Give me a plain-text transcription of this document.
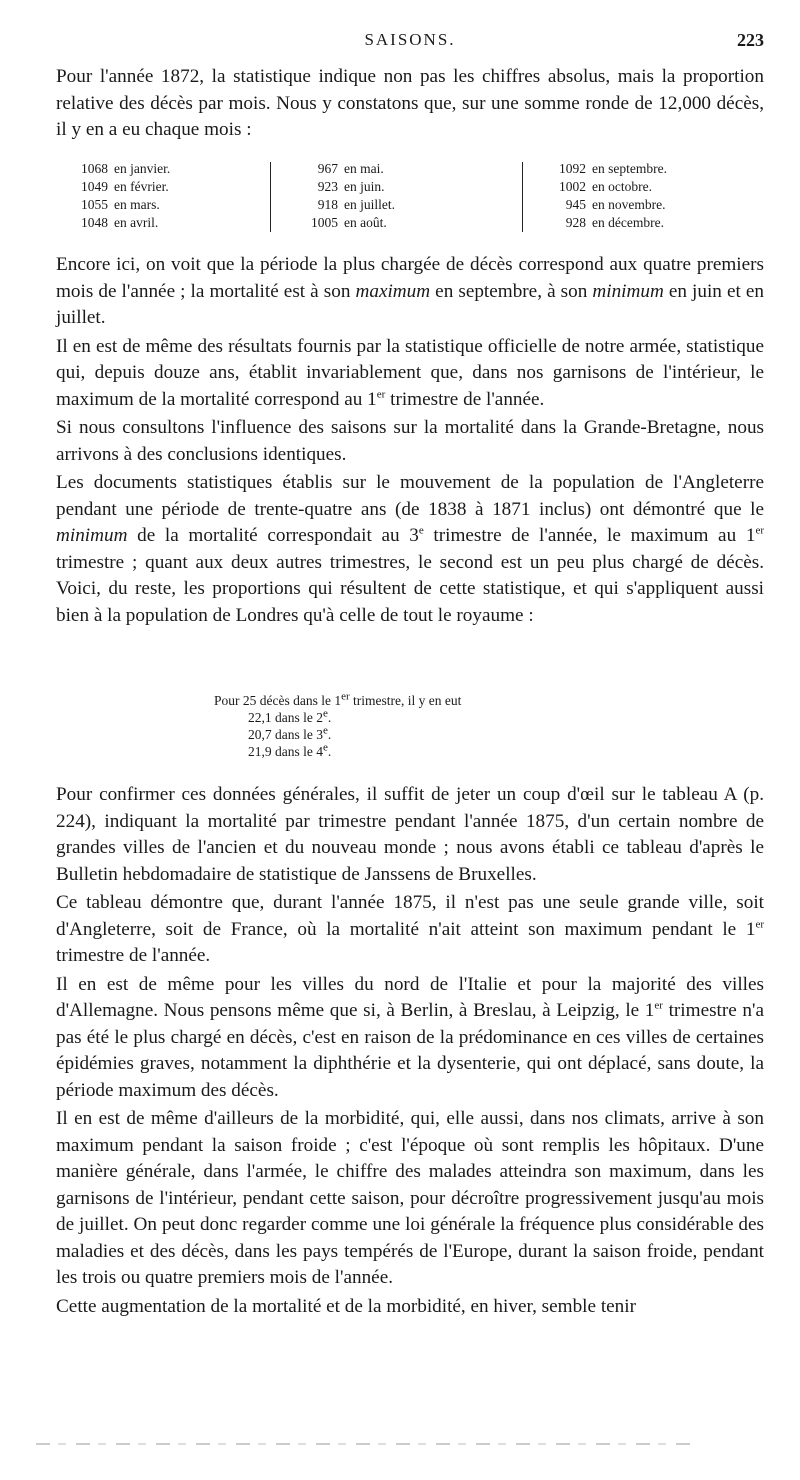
SAISONS.	223

Pour l'année 1872, la statistique indique non pas les chiffres absolus, mais la proportion relative des décès par mois. Nous y constatons que, sur une somme ronde de 12,000 décès, il y en a eu chaque mois :

1068 en janvier.
1049 en février.
1055 en mars.
1048 en avril.
967 en mai.
923 en juin.
918 en juillet.
1005 en août.
1092 en septembre.
1002 en octobre.
945 en novembre.
928 en décembre.

Encore ici, on voit que la période la plus chargée de décès correspond aux quatre premiers mois de l'année ; la mortalité est à son maximum en septembre, à son minimum en juin et en juillet.

Il en est de même des résultats fournis par la statistique officielle de notre armée, statistique qui, depuis douze ans, établit invariablement que, dans nos garnisons de l'intérieur, le maximum de la mortalité correspond au 1er trimestre de l'année.

Si nous consultons l'influence des saisons sur la mortalité dans la Grande-Bretagne, nous arrivons à des conclusions identiques.

Les documents statistiques établis sur le mouvement de la population de l'Angleterre pendant une période de trente-quatre ans (de 1838 à 1871 inclus) ont démontré que le minimum de la mortalité correspondait au 3e trimestre de l'année, le maximum au 1er trimestre ; quant aux deux autres trimestres, le second est un peu plus chargé de décès. Voici, du reste, les proportions qui résultent de cette statistique, et qui s'appliquent aussi bien à la population de Londres qu'à celle de tout le royaume :

Pour 25 décès dans le 1er trimestre, il y en eut
22,1 dans le 2e.
20,7 dans le 3e.
21,9 dans le 4e.

Pour confirmer ces données générales, il suffit de jeter un coup d'œil sur le tableau A (p. 224), indiquant la mortalité par trimestre pendant l'année 1875, d'un certain nombre de grandes villes de l'ancien et du nouveau monde ; nous avons établi ce tableau d'après le Bulletin hebdomadaire de statistique de Janssens de Bruxelles.

Ce tableau démontre que, durant l'année 1875, il n'est pas une seule grande ville, soit d'Angleterre, soit de France, où la mortalité n'ait atteint son maximum pendant le 1er trimestre de l'année.

Il en est de même pour les villes du nord de l'Italie et pour la majorité des villes d'Allemagne. Nous pensons même que si, à Berlin, à Breslau, à Leipzig, le 1er trimestre n'a pas été le plus chargé en décès, c'est en raison de la prédominance en ces villes de certaines épidémies graves, notamment la diphthérie et la dysenterie, qui ont déplacé, sans doute, la période maximum des décès.

Il en est de même d'ailleurs de la morbidité, qui, elle aussi, dans nos climats, arrive à son maximum pendant la saison froide ; c'est l'époque où sont remplis les hôpitaux. D'une manière générale, dans l'armée, le chiffre des malades atteindra son maximum, dans les garnisons de l'intérieur, pendant cette saison, pour décroître progressivement jusqu'au mois de juillet. On peut donc regarder comme une loi générale la fréquence plus considérable des maladies et des décès, dans les pays tempérés de l'Europe, durant la saison froide, pendant les trois ou quatre premiers mois de l'année.

Cette augmentation de la mortalité et de la morbidité, en hiver, semble tenir
